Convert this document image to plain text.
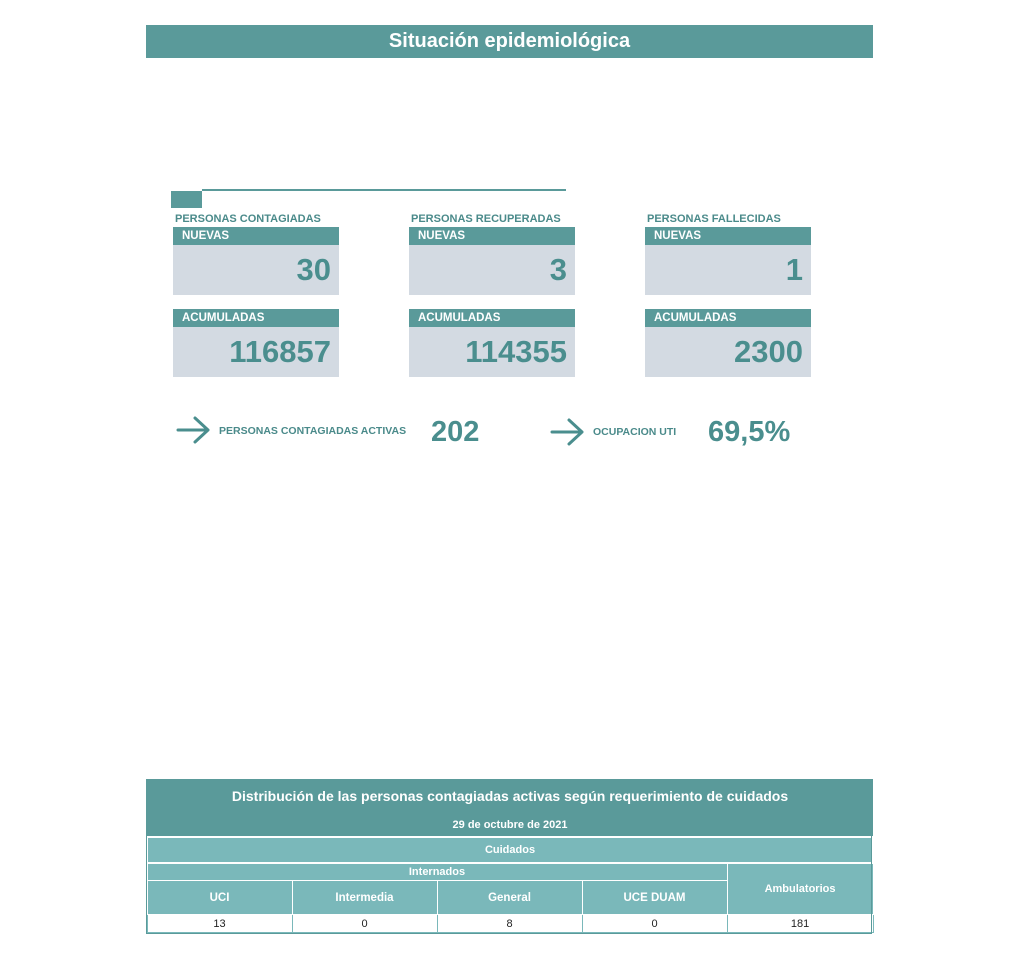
Situación epidemiológica
PERSONAS CONTAGIADAS
NUEVAS
30
ACUMULADAS
116857
PERSONAS RECUPERADAS
NUEVAS
3
ACUMULADAS
114355
PERSONAS FALLECIDAS
NUEVAS
1
ACUMULADAS
2300
PERSONAS CONTAGIADAS ACTIVAS 202	OCUPACION UTI 69,5%
Distribución de las personas contagiadas activas según requerimiento de cuidados				
29 de octubre de 2021				
Cuidados				
Internados				Ambulatorios
UCI	Intermedia	General	UCE DUAM	
13	0	8	0	181
